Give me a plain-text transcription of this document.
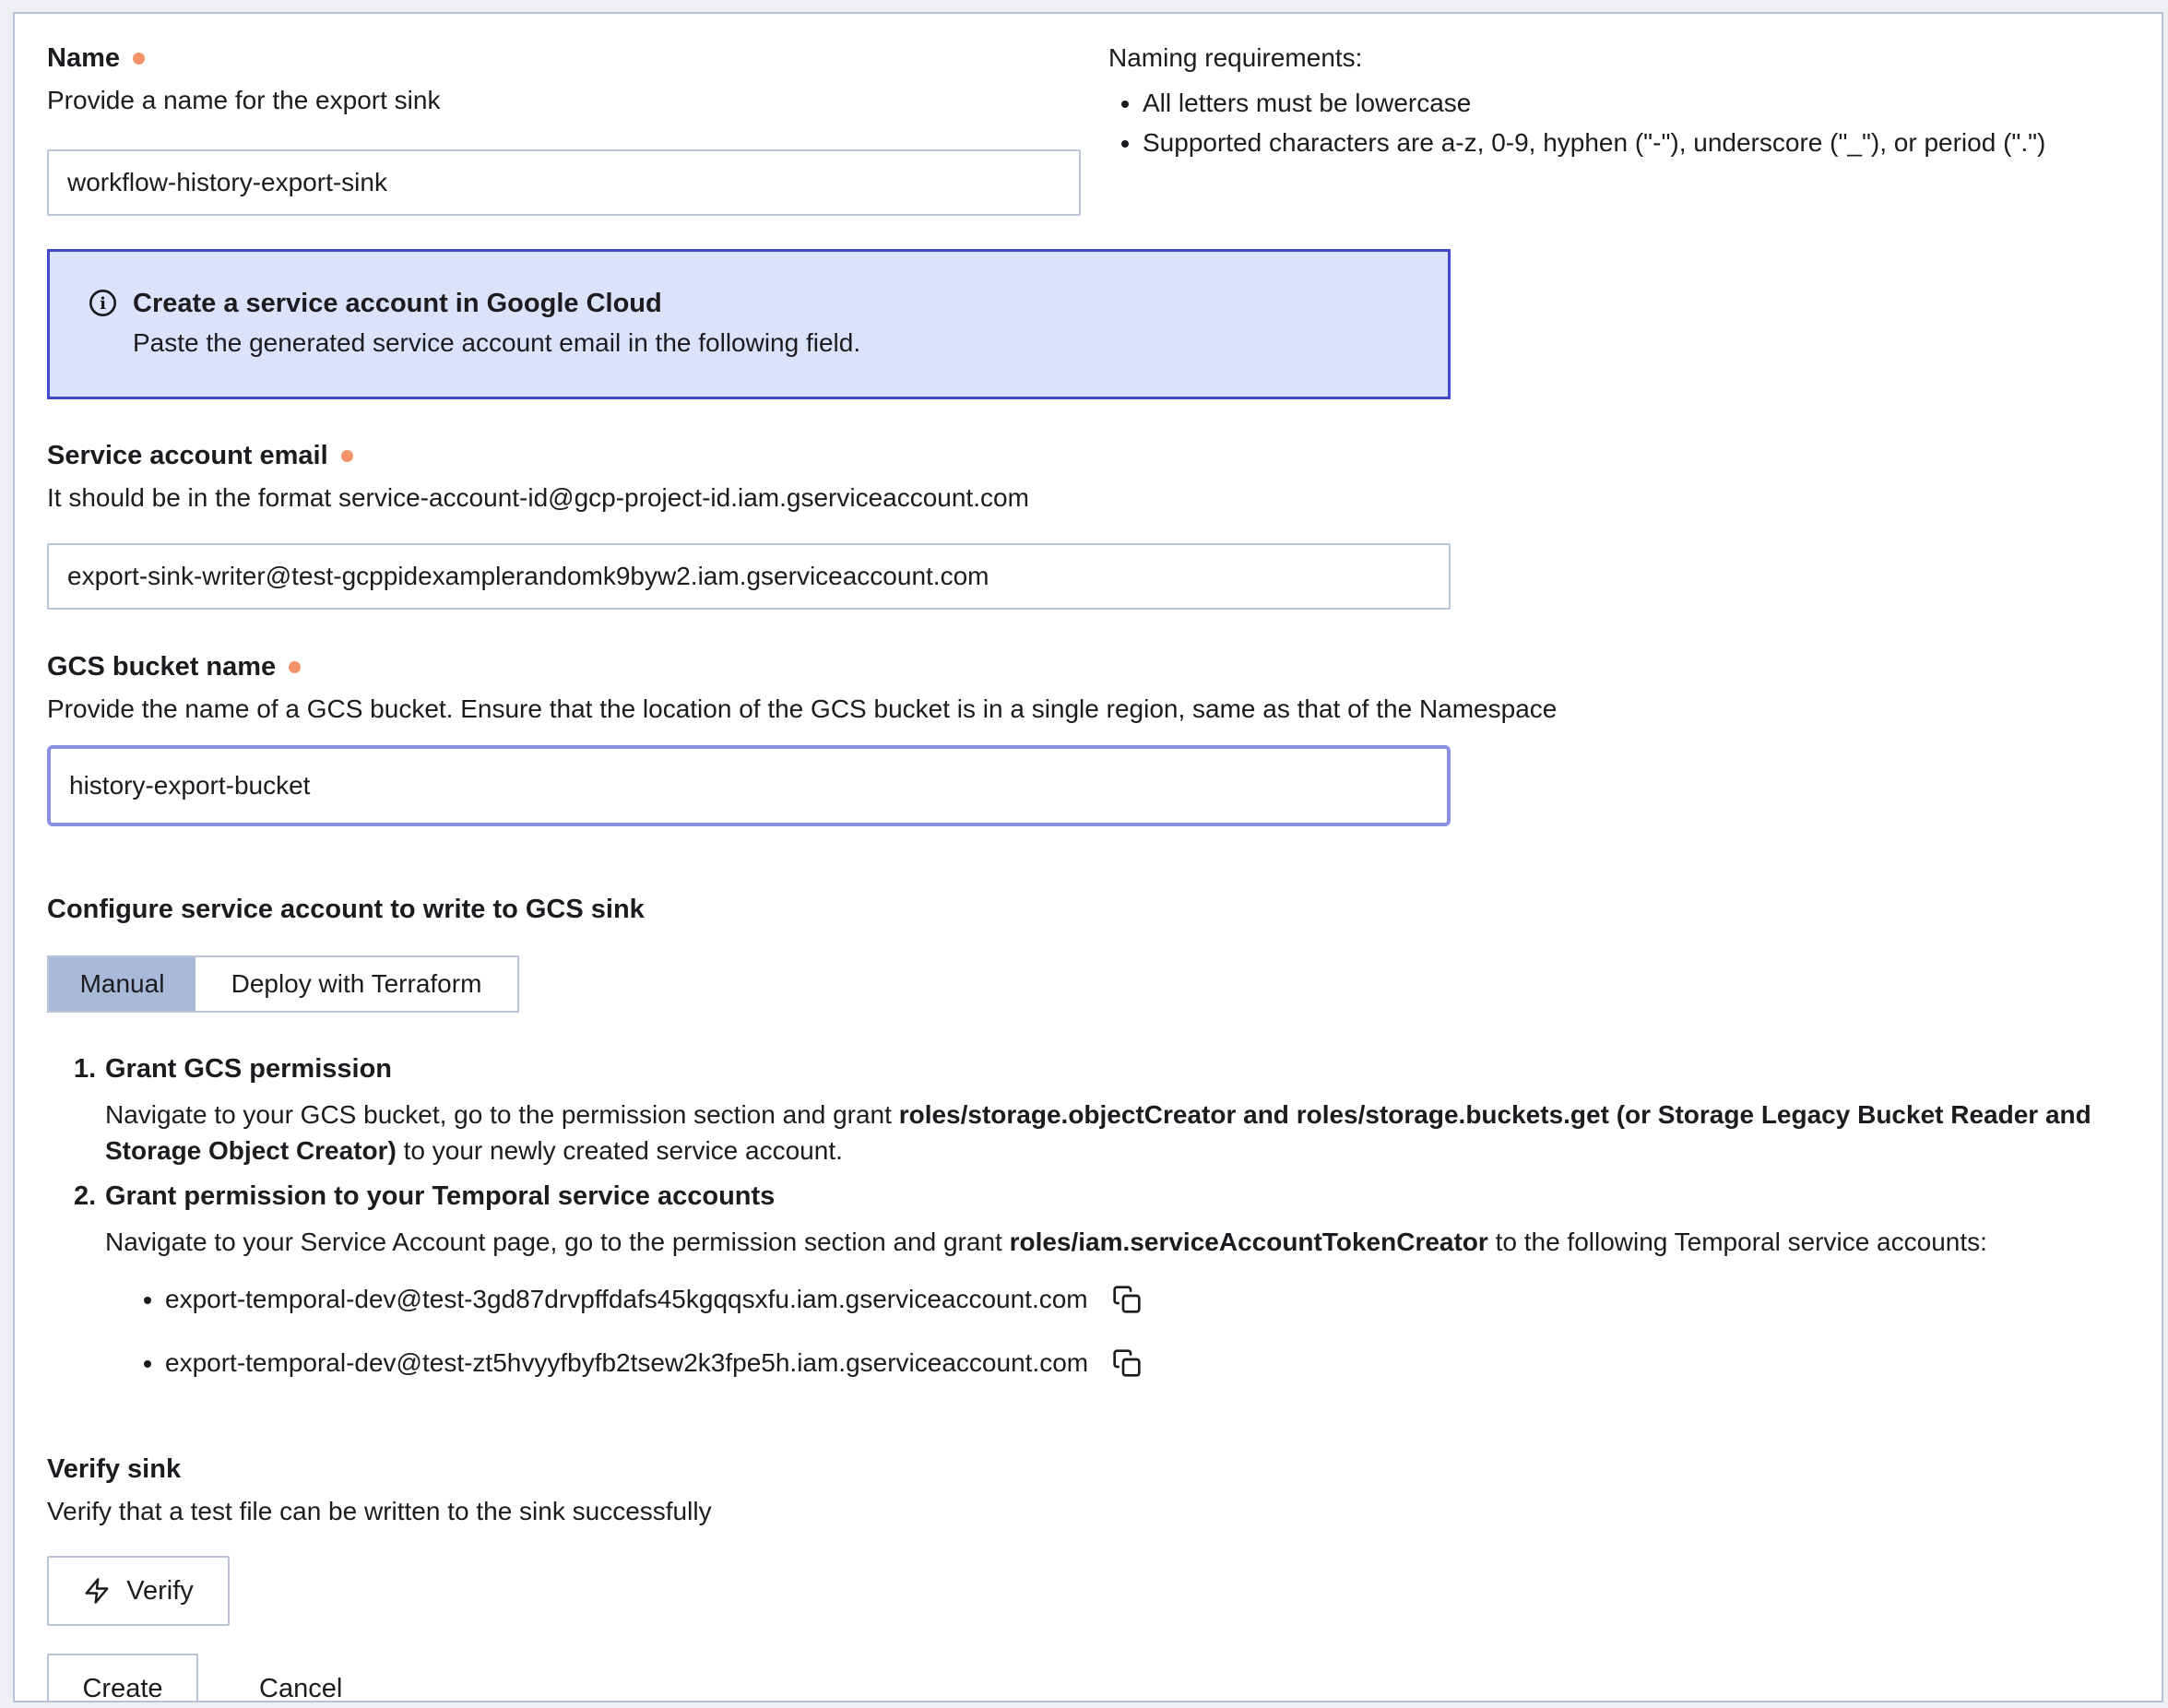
Naming requirements:
• All letters must be lowercase
• Supported characters are a-z, 0-9, hyphen ("-"), underscore ("_"), or period (".")
Name
Provide a name for the export sink
workflow-history-export-sink
i Create a service account in Google Cloud
Paste the generated service account email in the following field.
Service account email
It should be in the format service-account-id@gcp-project-id.iam.gserviceaccount.com
export-sink-writer@test-gcppidexamplerandomk9byw2.iam.gserviceaccount.com
GCS bucket name
Provide the name of a GCS bucket. Ensure that the location of the GCS bucket is in a single region, same as that of the Namespace
history-export-bucket
Configure service account to write to GCS sink
Manual	Deploy with Terraform
1. Grant GCS permission
Navigate to your GCS bucket, go to the permission section and grant roles/storage.objectCreator and roles/storage.buckets.get (or Storage Legacy Bucket Reader and Storage Object Creator) to your newly created service account.
2. Grant permission to your Temporal service accounts
Navigate to your Service Account page, go to the permission section and grant roles/iam.serviceAccountTokenCreator to the following Temporal service accounts:
• export-temporal-dev@test-3gd87drvpffdafs45kgqqsxfu.iam.gserviceaccount.com
• export-temporal-dev@test-zt5hvyyfbyfb2tsew2k3fpe5h.iam.gserviceaccount.com
Verify sink
Verify that a test file can be written to the sink successfully
Verify
Create	Cancel
